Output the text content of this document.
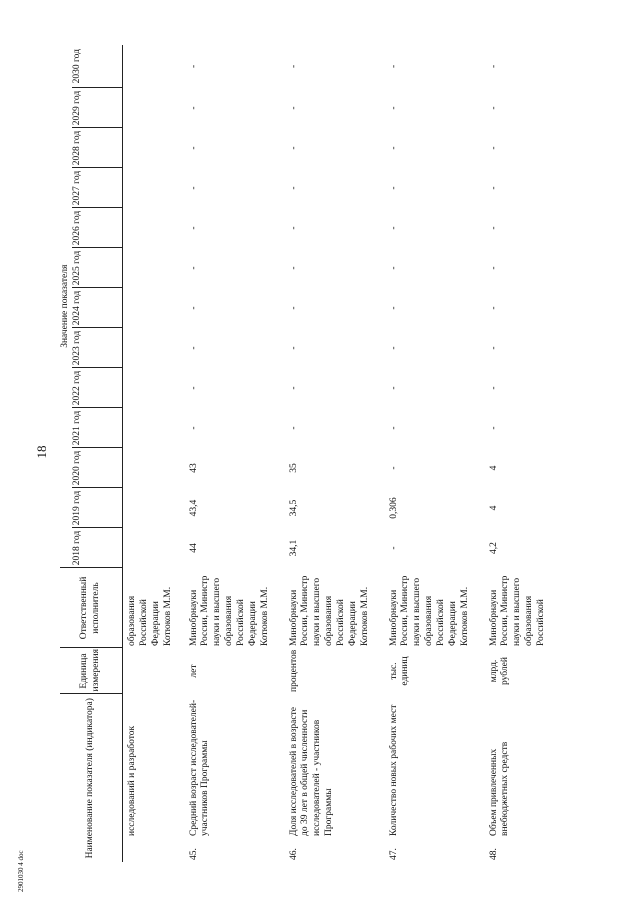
18
2901030 4 doc
Наименование показателя (индикатора)	Единица измерения	Ответственный исполнитель	Значение показателя												
			2018 год	2019 год	2020 год	2021 год	2022 год	2023 год	2024 год	2025 год	2026 год	2027 год	2028 год	2029 год	2030 год

исследований и разработок		образования Российской Федерации Котюков М.М.													

45.
Средний возраст исследователей-участников Программы	лет	Минобрнауки России, Министр науки и высшего образования Российской Федерации Котюков М.М.	44	43,4	43	-	-	-	-	-	-	-	-	-	-

46.
Доля исследователей в возрасте до 39 лет в общей численности исследователей - участников Программы	процентов	Минобрнауки России, Министр науки и высшего образования Российской Федерации Котюков М.М.	34,1	34,5	35	-	-	-	-	-	-	-	-	-	-

47.
Количество новых рабочих мест	тыс. единиц	Минобрнауки России, Министр науки и высшего образования Российской Федерации Котюков М.М.	-	0,306	-	-	-	-	-	-	-	-	-	-	-

48.
Объем привлеченных внебюджетных средств	млрд. рублей	Минобрнауки России, Министр науки и высшего образования Российской	4,2	4	4	-	-	-	-	-	-	-	-	-	-
